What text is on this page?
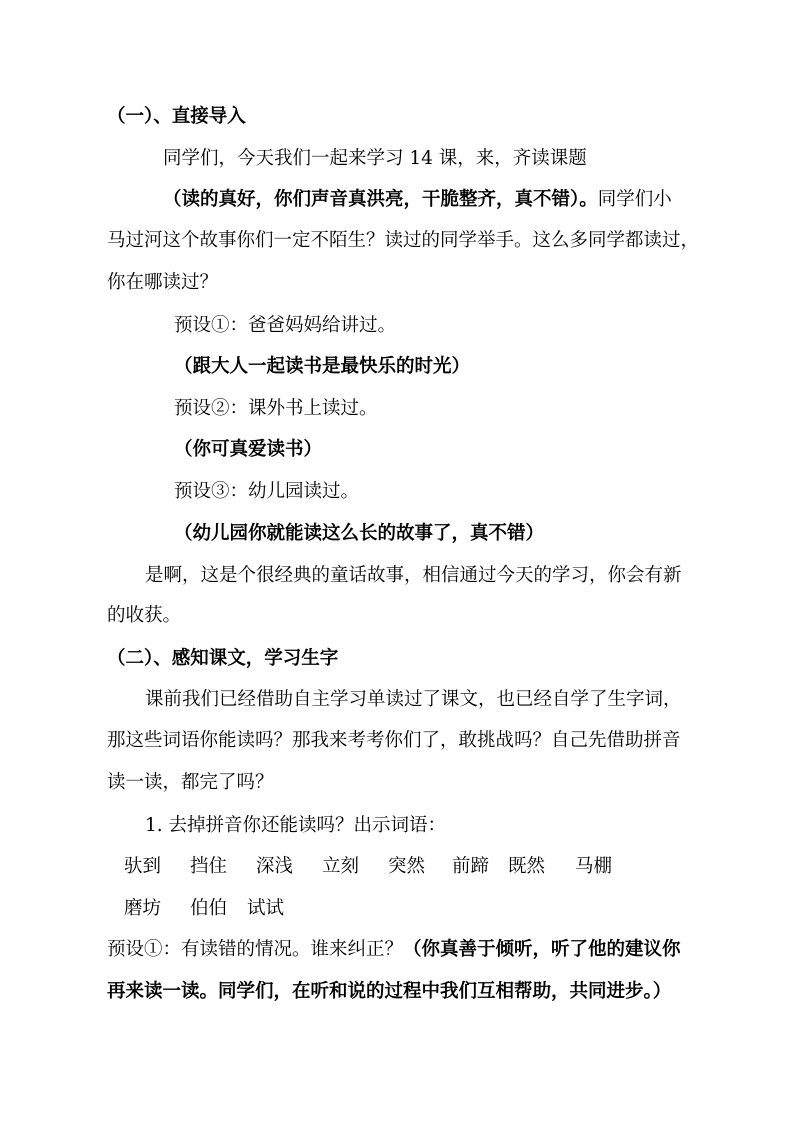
（一）、直接导入
同学们，今天我们一起来学习 14 课，来，齐读课题
（读的真好，你们声音真洪亮，干脆整齐，真不错）。同学们小
马过河这个故事你们一定不陌生？读过的同学举手。这么多同学都读过，
你在哪读过？
预设①：爸爸妈妈给讲过。
（跟大人一起读书是最快乐的时光）
预设②：课外书上读过。
（你可真爱读书）
预设③：幼儿园读过。
（幼儿园你就能读这么长的故事了，真不错）
是啊，这是个很经典的童话故事，相信通过今天的学习，你会有新
的收获。
（二）、感知课文，学习生字
课前我们已经借助自主学习单读过了课文，也已经自学了生字词，
那这些词语你能读吗？那我来考考你们了，敢挑战吗？自己先借助拼音
读一读，都完了吗？
1. 去掉拼音你还能读吗？出示词语：
驮到 挡住 深浅 立刻 突然 前蹄 既然 马棚
磨坊 伯伯 试试
预设①：有读错的情况。谁来纠正？（你真善于倾听，听了他的建议你
再来读一读。同学们，在听和说的过程中我们互相帮助，共同进步。）
